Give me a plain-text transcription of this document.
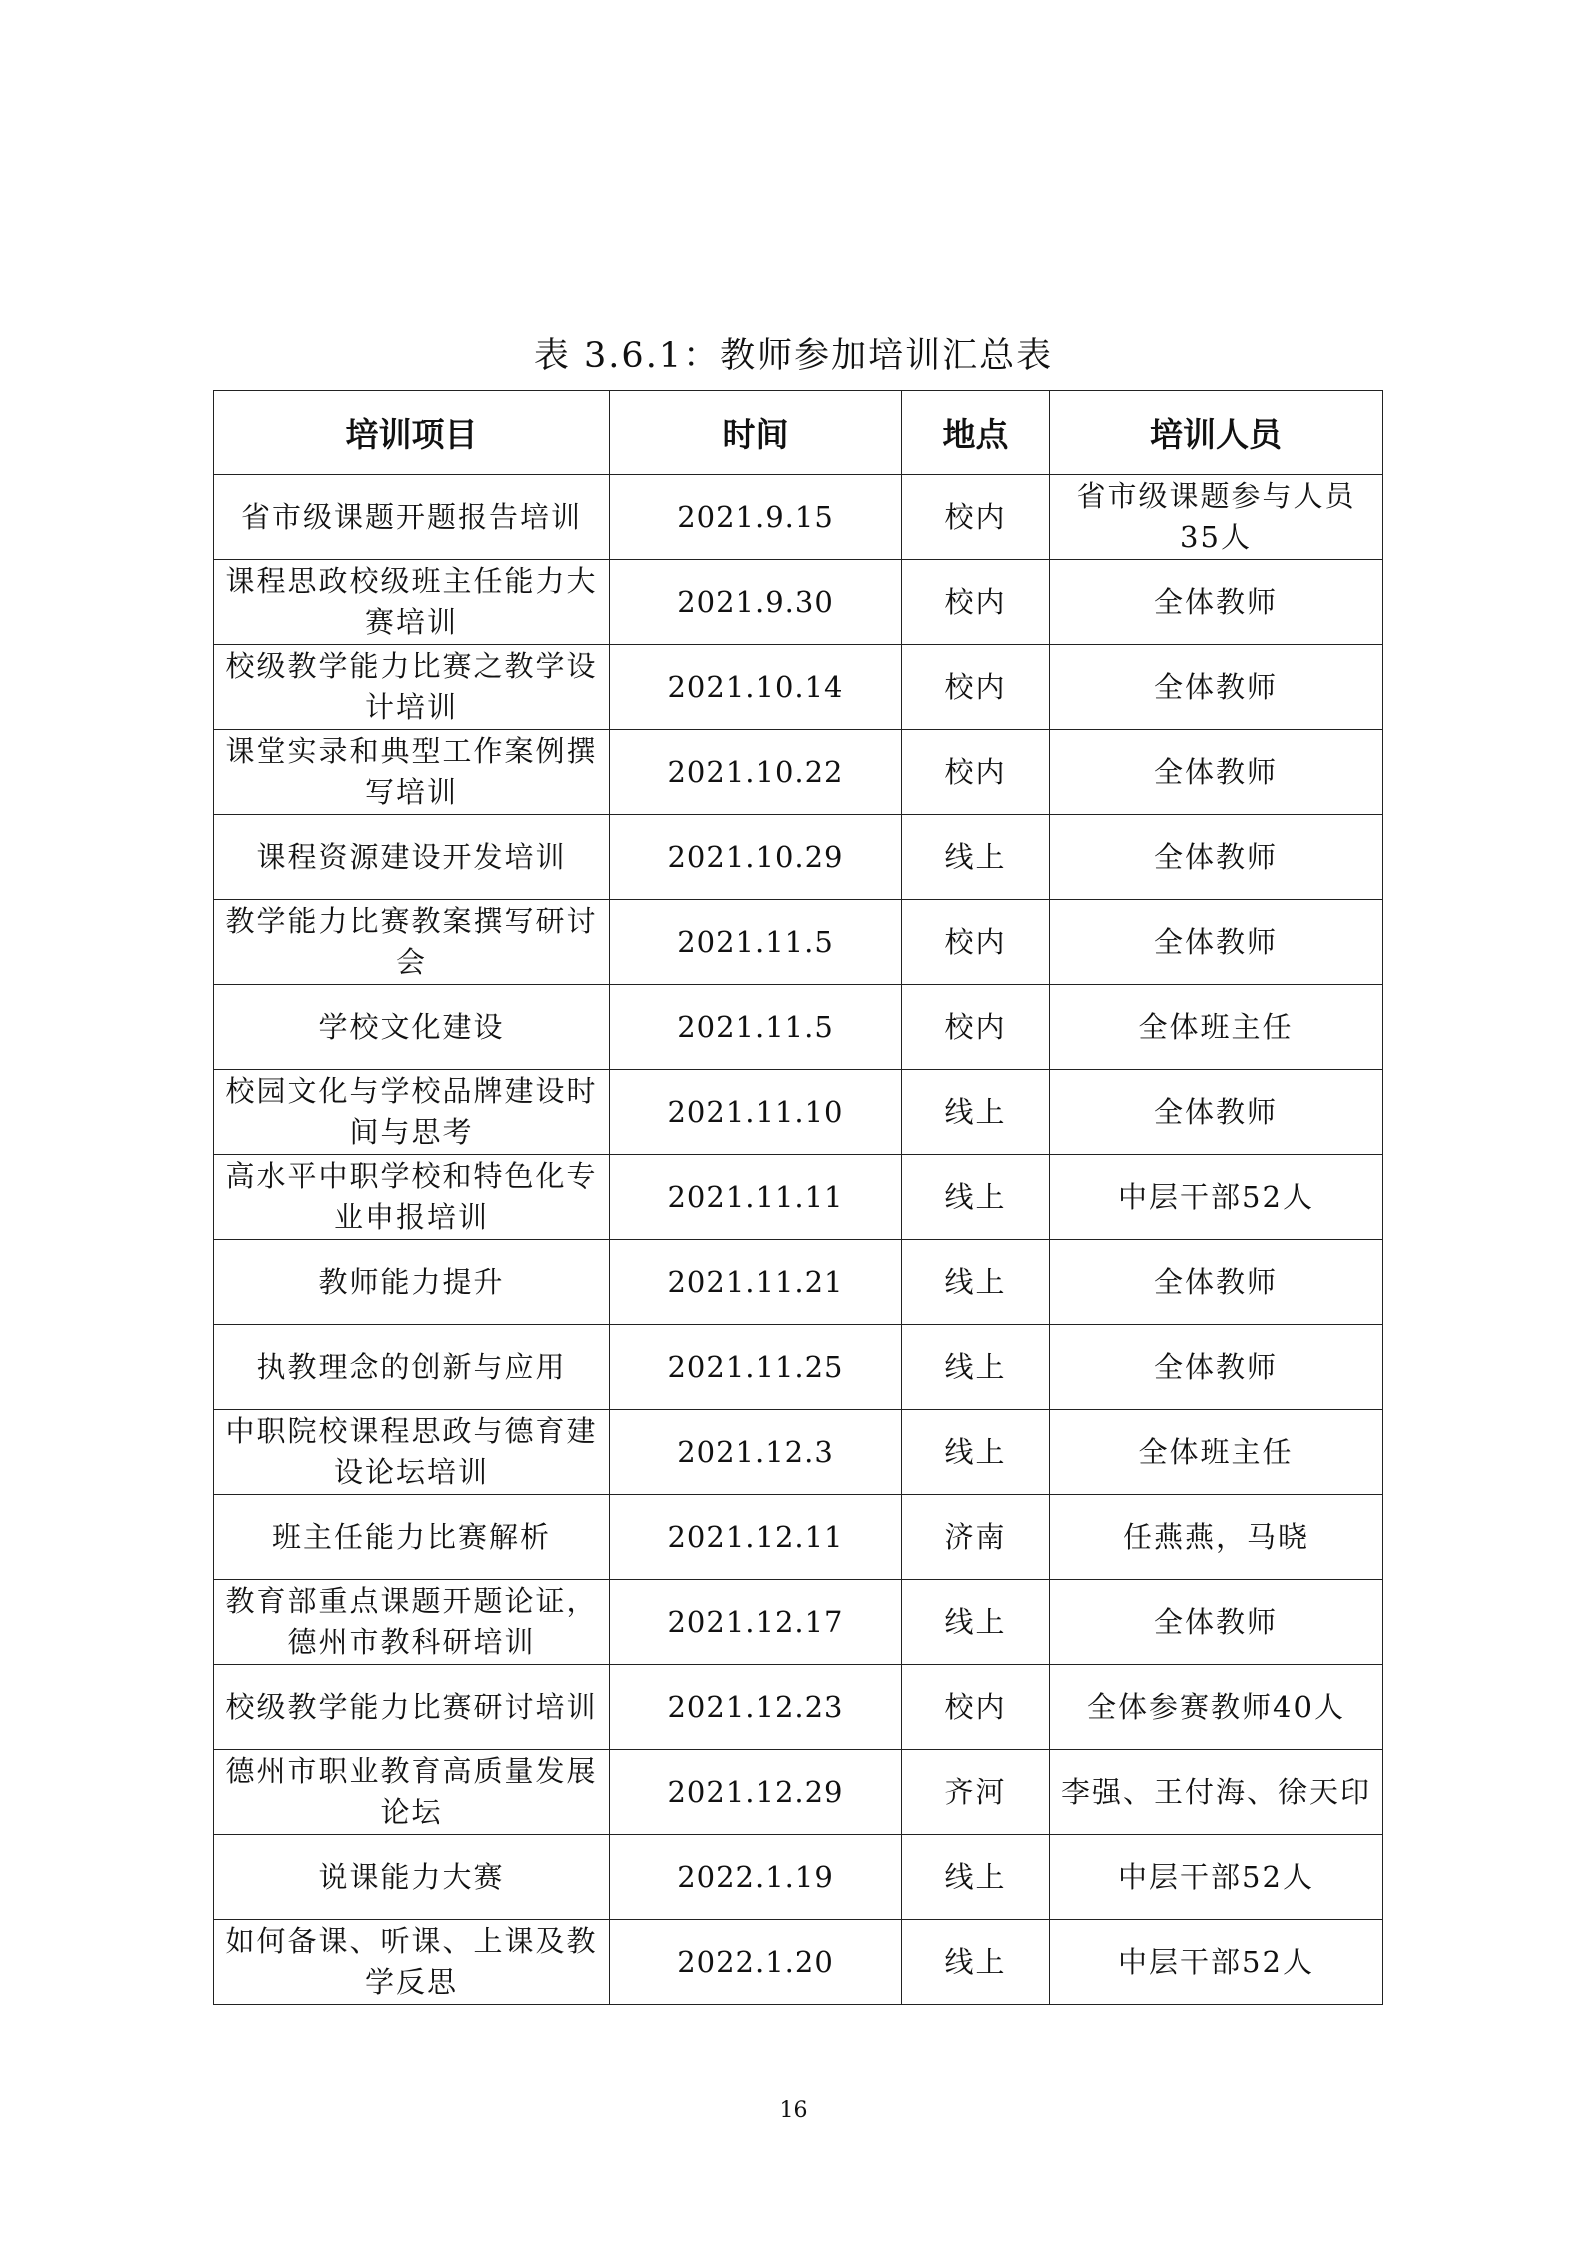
表 3.6.1：教师参加培训汇总表
培训项目	时间	地点	培训人员
省市级课题开题报告培训	2021.9.15	校内	省市级课题参与人员35人
课程思政校级班主任能力大赛培训	2021.9.30	校内	全体教师
校级教学能力比赛之教学设计培训	2021.10.14	校内	全体教师
课堂实录和典型工作案例撰写培训	2021.10.22	校内	全体教师
课程资源建设开发培训	2021.10.29	线上	全体教师
教学能力比赛教案撰写研讨会	2021.11.5	校内	全体教师
学校文化建设	2021.11.5	校内	全体班主任
校园文化与学校品牌建设时间与思考	2021.11.10	线上	全体教师
高水平中职学校和特色化专业申报培训	2021.11.11	线上	中层干部52人
教师能力提升	2021.11.21	线上	全体教师
执教理念的创新与应用	2021.11.25	线上	全体教师
中职院校课程思政与德育建设论坛培训	2021.12.3	线上	全体班主任
班主任能力比赛解析	2021.12.11	济南	任燕燕，马晓
教育部重点课题开题论证，德州市教科研培训	2021.12.17	线上	全体教师
校级教学能力比赛研讨培训	2021.12.23	校内	全体参赛教师40人
德州市职业教育高质量发展论坛	2021.12.29	齐河	李强、王付海、徐天印
说课能力大赛	2022.1.19	线上	中层干部52人
如何备课、听课、上课及教学反思	2022.1.20	线上	中层干部52人
16
